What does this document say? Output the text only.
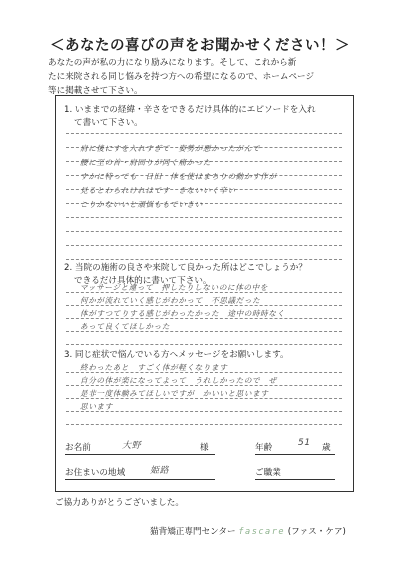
＜あなたの喜びの声をお聞かせください！＞

あなたの声が私の力になり励みになります。そして、これから新

たに来院される同じ悩みを持つ方への希望になるので、ホームページ

等に掲載させて下さい。

1. いままでの経緯・辛さをできるだけ具体的にエピソードを入れ
て書いて下さい。
肩に後にすを入れすぎて　姿勢が悪かったがんで
腰に至の首・肩回りが同く痛かった
すかに特っても　日旧　体を使はまちりの動かす作が
見るとわられけれはです　きないいく辛い
こりかないいと頑悩ももていきい
2. 当院の施術の良さや来院して良かった所はどこでしょうか？
できるだけ具体的に書いて下さい。
マッサージと違って　押したりしないのに体の中を
何かが流れていく感じがわかって　不思議だった
体がすつてりする感じがわったかった　途中の時時なく
あって良くてほしかった
3. 同じ症状で悩んでいる方へメッセージをお願いします。
終わったあと　すごく体が軽くなります
自分の体が楽になってよって　うれしかったので　ぜ
是非一度体験みてほしいですが　かいいと思います
思います
お名前	大野	様	年齢	51 歳
お住まいの地域	姫路	ご職業
ご協力ありがとうございました。
猫背矯正専門センター fascare (ファス・ケア)
